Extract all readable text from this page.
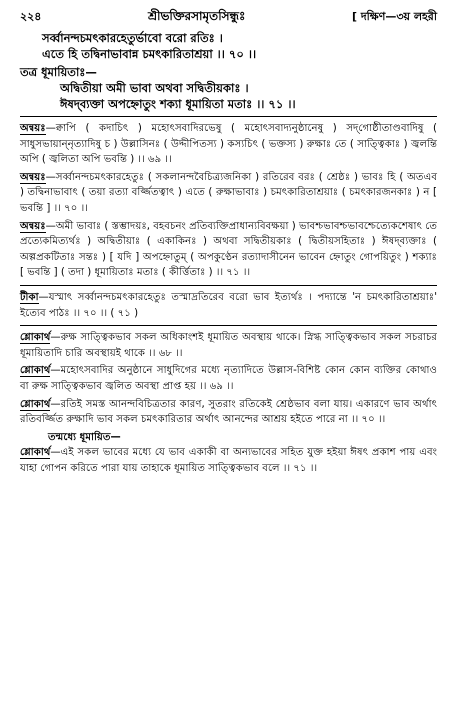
২২৪	শ্রীভক্তিরসামৃতসিন্ধুঃ	[ দক্ষিণ—৩য় লহরী
সর্ব্বানন্দচমৎকারহেতুর্ভাবো বরো রতিঃ ।
এতে হি তদ্বিনাভাবান্ন চমৎকারিতাশ্রয়া ।। ৭০ ।।
তত্র ধূমায়িতাঃ—
অদ্বিতীয়া অমী ভাবা অথবা সদ্বিতীয়কাঃ ।
ঈষদ্‌ব্যক্তা অপহ্নোতুং শক্যা ধূমায়িতা মতাঃ ।। ৭১ ।।
অন্বয়ঃ—ক্বাপি ( কদাচিৎ ) মহোৎসবাদিরভেষু ( মহোৎসবাদ্যনুষ্ঠানেষু ) সদ্‌গোষ্ঠীতাণ্ডবাদিষু ( সাধুসভায়ান্‌নৃত্যাদিষু চ ) উল্লাসিনঃ ( উদ্দীপিতস্য ) কস্যচিৎ ( ভক্তস্য ) রুক্ষাঃ তে ( সাত্ত্বিকাঃ ) জ্বলন্তি অপি ( জ্বলিতা অপি ভবন্তি ) ।। ৬৯ ।।
অন্বয়ঃ—সর্ব্বানন্দচমৎকারহেতুঃ ( সকলানন্দবৈচিত্র্যজনিকা ) রতিরেব বরঃ ( শ্রেষ্ঠঃ ) ভাবঃ হি ( অতএব ) তদ্বিনাভাবাৎ ( তয়া রত্যা বর্জ্জিতত্বাৎ ) এতে ( রুক্ষাভাবাঃ ) চমৎকারিতাশ্রয়াঃ ( চমৎকারজনকাঃ ) ন [ ভবন্তি ] ।। ৭০ ।।
অন্বয়ঃ—অমী ভাবাঃ ( স্তম্ভাদয়ঃ, বহবচনং প্রতিব্যক্তিপ্রাধান্যবিবক্ষয়া ) ভাবশ্চভাবশ্চভাবশ্চেত্যেকশেষাৎ তে প্রত্যেকমিত্যর্থঃ ) অদ্বিতীয়াঃ ( একাকিনঃ ) অথবা সদ্বিতীয়কাঃ ( দ্বিতীয়সহিতাঃ ) ঈষদ্‌ব্যক্তাঃ ( অল্পপ্রকটিতাঃ সন্তঃ ) [ যদি ] অপহ্নোতুম্ ( অপকুণ্ঠেন রত্যাদাসীনেন ভাবেন হ্নোতুং গোপয়িতুং ) শক্যাঃ [ ভবন্তি ] ( তদা ) ধূমায়িতাঃ মতাঃ ( কীর্ত্তিতাঃ ) ।। ৭১ ।।
টীকা—যস্মাৎ সর্ব্বানন্দচমৎকারহেতুঃ তস্মাদ্রতিরেব বরো ভাব ইত্যর্থঃ । পদ্যান্তে 'ন চমৎকারিতাশ্রয়াঃ' ইত্যেব পাঠঃ ।। ৭০ ।। ( ৭১ )
শ্লোকার্থ—রুক্ষ সাত্ত্বিকভাব সকল অধিকাংশই ধূমায়িত অবস্থায় থাকে। স্নিগ্ধ সাত্ত্বিকভাব সকল সচরাচর ধূমায়িতাদি চারি অবস্থায়ই থাকে ।। ৬৮ ।।
শ্লোকার্থ—মহোৎসবাদির অনুষ্ঠানে সাধুদিগের মধ্যে নৃত্যাদিতে উল্লাস-বিশিষ্ট কোন কোন ব্যক্তির কোথাও বা রুক্ষ সাত্ত্বিকভাব জ্বলিত অবস্থা প্রাপ্ত হয় ।। ৬৯ ।।
শ্লোকার্থ—রতিই সমস্ত আনন্দবিচিত্রতার কারণ, সুতরাং রতিকেই শ্রেষ্ঠভাব বলা যায়। একারণে ভাব অর্থাৎ রতিবর্জ্জিত রুক্ষাদি ভাব সকল চমৎকারিতার অর্থাৎ আনন্দের আশ্রয় হইতে পারে না ।। ৭০ ।।
তন্মধ্যে ধূমায়িত—
শ্লোকার্থ—এই সকল ভাবের মধ্যে যে ভাব একাকী বা অন্যভাবের সহিত যুক্ত হইয়া ঈষৎ প্রকাশ পায় এবং যাহা গোপন করিতে পারা যায় তাহাকে ধূমায়িত সাত্ত্বিকভাব বলে ।। ৭১ ।।
